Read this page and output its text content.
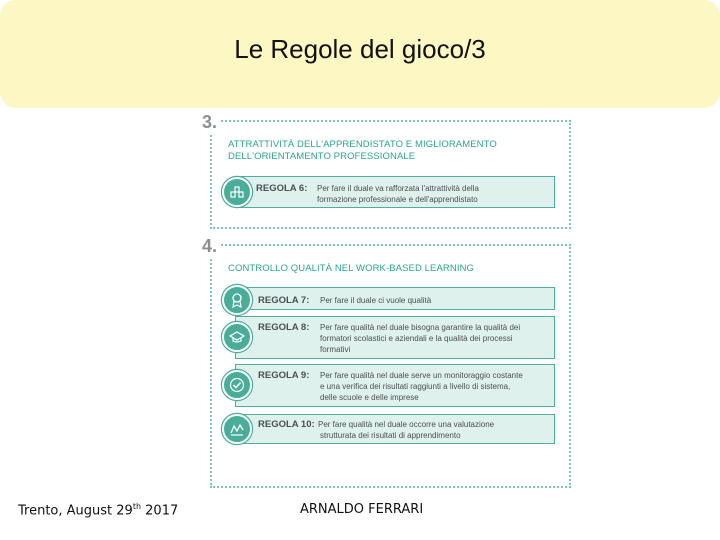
Le Regole del gioco/3
3.
ATTRATTIVITÀ DELL'APPRENDISTATO E MIGLIORAMENTO
DELL'ORIENTAMENTO PROFESSIONALE
REGOLA 6: Per fare il duale va rafforzata l'attrattività della
formazione professionale e dell'apprendistato
4.
CONTROLLO QUALITÀ NEL WORK-BASED LEARNING
REGOLA 7: Per fare il duale ci vuole qualità
REGOLA 8: Per fare qualità nel duale bisogna garantire la qualità dei
formatori scolastici e aziendali e la qualità dei processi
formativi
REGOLA 9: Per fare qualità nel duale serve un monitoraggio costante
e una verifica dei risultati raggiunti a livello di sistema,
delle scuole e delle imprese
REGOLA 10: Per fare qualità nel duale occorre una valutazione
strutturata dei risultati di apprendimento
Trento, August 29th 2017	ARNALDO FERRARI
